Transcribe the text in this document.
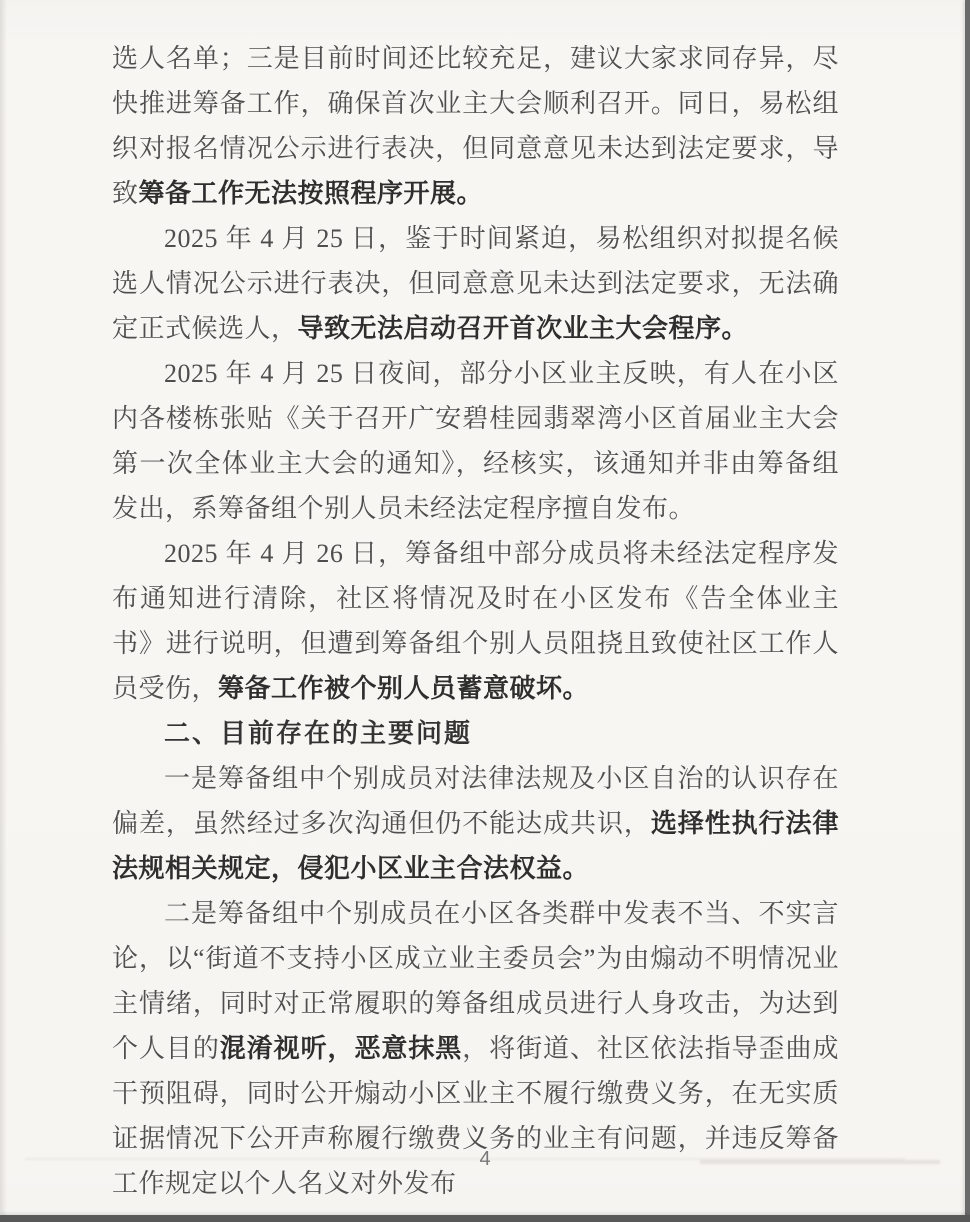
选人名单；三是目前时间还比较充足，建议大家求同存异，尽快推进筹备工作，确保首次业主大会顺利召开。同日，易松组织对报名情况公示进行表决，但同意意见未达到法定要求，导致筹备工作无法按照程序开展。

2025 年 4 月 25 日，鉴于时间紧迫，易松组织对拟提名候选人情况公示进行表决，但同意意见未达到法定要求，无法确定正式候选人，导致无法启动召开首次业主大会程序。

2025 年 4 月 25 日夜间，部分小区业主反映，有人在小区内各楼栋张贴《关于召开广安碧桂园翡翠湾小区首届业主大会第一次全体业主大会的通知》，经核实，该通知并非由筹备组发出，系筹备组个别人员未经法定程序擅自发布。

2025 年 4 月 26 日，筹备组中部分成员将未经法定程序发布通知进行清除，社区将情况及时在小区发布《告全体业主书》进行说明，但遭到筹备组个别人员阻挠且致使社区工作人员受伤，筹备工作被个别人员蓄意破坏。

二、目前存在的主要问题

一是筹备组中个别成员对法律法规及小区自治的认识存在偏差，虽然经过多次沟通但仍不能达成共识，选择性执行法律法规相关规定，侵犯小区业主合法权益。

二是筹备组中个别成员在小区各类群中发表不当、不实言论，以“街道不支持小区成立业主委员会”为由煽动不明情况业主情绪，同时对正常履职的筹备组成员进行人身攻击，为达到个人目的混淆视听，恶意抹黑，将街道、社区依法指导歪曲成干预阻碍，同时公开煽动小区业主不履行缴费义务，在无实质证据情况下公开声称履行缴费义务的业主有问题，并违反筹备工作规定以个人名义对外发布

4
